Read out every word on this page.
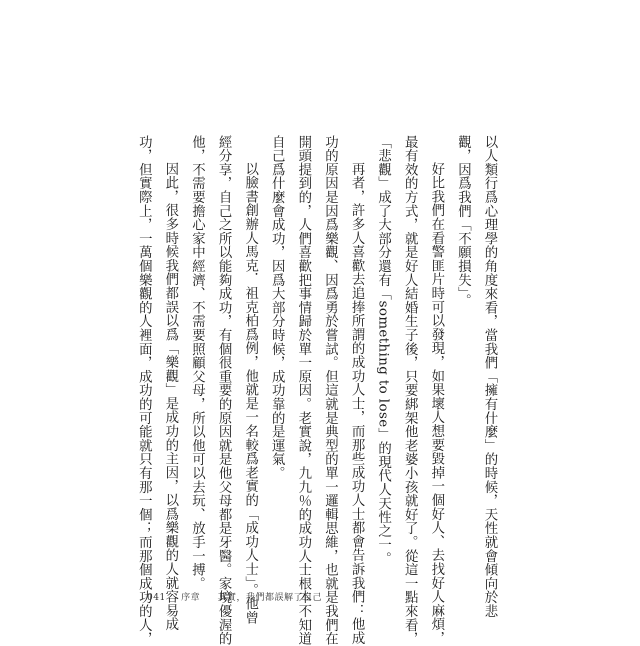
以人類行爲心理學的角度來看，當我們「擁有什麼」的時候，天性就會傾向於悲
觀，因爲我們「不願損失」。
好比我們在看警匪片時可以發現，如果壞人想要毀掉一個好人、去找好人麻煩，
最有效的方式，就是好人結婚生子後，只要綁架他老婆小孩就好了。從這一點來看，
「悲觀」成了大部分還有「something to lose」的現代人天性之一。
再者，許多人喜歡去追捧所謂的成功人士，而那些成功人士都會告訴我們：他成
功的原因是因爲樂觀、因爲勇於嘗試。但這就是典型的單一邏輯思維，也就是我們在
開頭提到的，人們喜歡把事情歸於單一原因。老實說，九九％的成功人士根本不知道
自己爲什麼會成功，因爲大部分時候，成功靠的是運氣。
以臉書創辦人馬克．祖克柏爲例，他就是一名較爲老實的「成功人士」。他曾
經分享，自己之所以能夠成功，有個很重要的原因就是他父母都是牙醫。家境優渥的
他，不需要擔心家中經濟、不需要照顧父母，所以他可以去玩、放手一搏。
因此，很多時候我們都誤以爲「樂觀」是成功的主因，以爲樂觀的人就容易成
功，但實際上，一萬個樂觀的人裡面，成功的可能就只有那一個；而那個成功的人，
041 序章 其實，我們都誤解了自己
